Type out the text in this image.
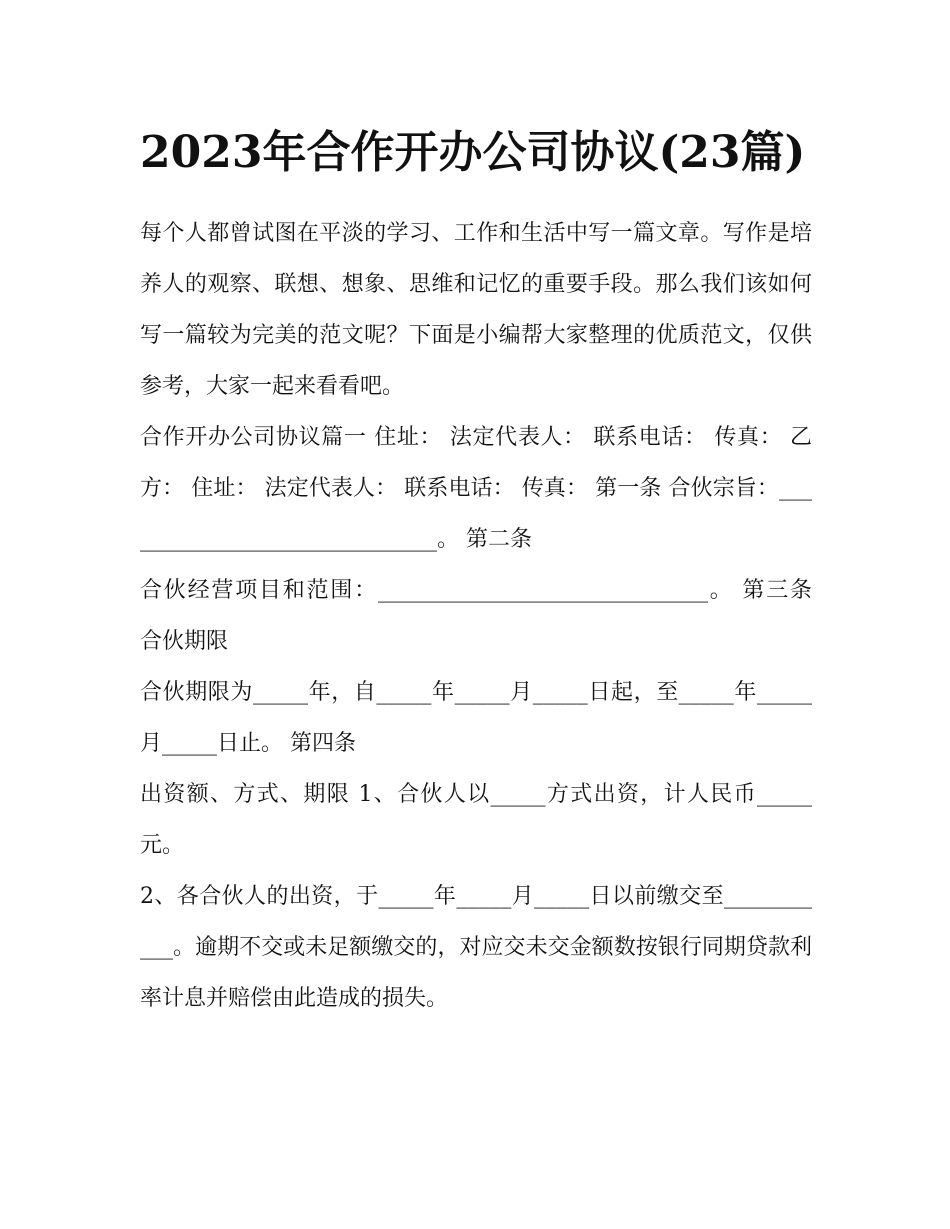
2023年合作开办公司协议(23篇)

每个人都曾试图在平淡的学习、工作和生活中写一篇文章。写作是培养人的观察、联想、想象、思维和记忆的重要手段。那么我们该如何写一篇较为完美的范文呢？下面是小编帮大家整理的优质范文，仅供参考，大家一起来看看吧。

合作开办公司协议篇一 住址： 法定代表人： 联系电话： 传真： 乙方： 住址： 法定代表人： 联系电话： 传真： 第一条 合伙宗旨：______________________________。 第二条

合伙经营项目和范围：______________________________。 第三条 合伙期限

合伙期限为_____年，自_____年_____月_____日起，至_____年_____月_____日止。 第四条

出资额、方式、期限 1、合伙人以_____方式出资，计人民币_____元。

2、各合伙人的出资，于_____年_____月_____日以前缴交至___________。逾期不交或未足额缴交的，对应交未交金额数按银行同期贷款利率计息并赔偿由此造成的损失。
